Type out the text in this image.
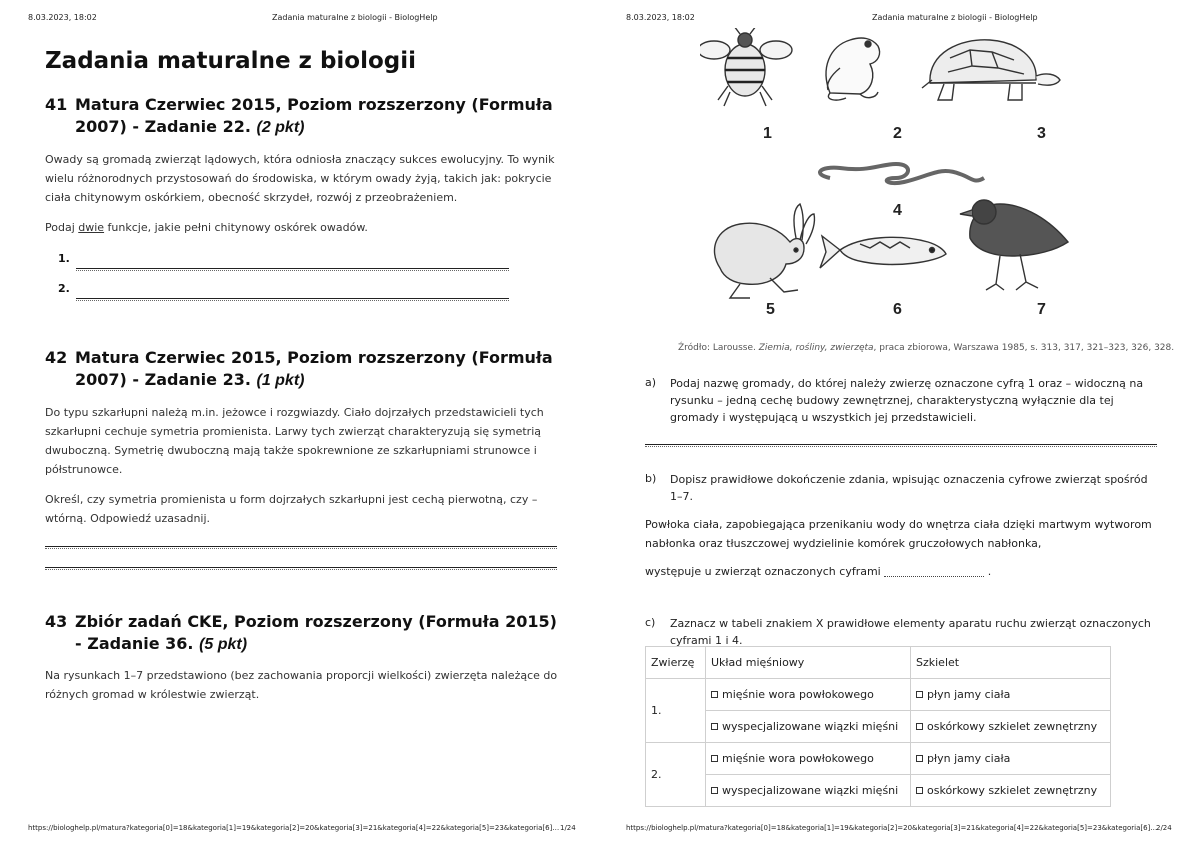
8.03.2023, 18:02	Zadania maturalne z biologii - BiologHelp
Zadania maturalne z biologii
41 Matura Czerwiec 2015, Poziom rozszerzony (Formuła
2007) - Zadanie 22. (2 pkt)
Owady są gromadą zwierząt lądowych, która odniosła znaczący sukces ewolucyjny. To wynik wielu różnorodnych przystosowań do środowiska, w którym owady żyją, takich jak: pokrycie ciała chitynowym oskórkiem, obecność skrzydeł, rozwój z przeobrażeniem.
Podaj dwie funkcje, jakie pełni chitynowy oskórek owadów.
1.
2.
42 Matura Czerwiec 2015, Poziom rozszerzony (Formuła
2007) - Zadanie 23. (1 pkt)
Do typu szkarłupni należą m.in. jeżowce i rozgwiazdy. Ciało dojrzałych przedstawicieli tych szkarłupni cechuje symetria promienista. Larwy tych zwierząt charakteryzują się symetrią dwuboczną. Symetrię dwuboczną mają także spokrewnione ze szkarłupniami strunowce i półstrunowce.
Określ, czy symetria promienista u form dojrzałych szkarłupni jest cechą pierwotną, czy – wtórną. Odpowiedź uzasadnij.
43 Zbiór zadań CKE, Poziom rozszerzony (Formuła 2015)
- Zadanie 36. (5 pkt)
Na rysunkach 1–7 przedstawiono (bez zachowania proporcji wielkości) zwierzęta należące do różnych gromad w królestwie zwierząt.
https://biologhelp.pl/matura?kategoria[0]=18&kategoria[1]=19&kategoria[2]=20&kategoria[3]=21&kategoria[4]=22&kategoria[5]=23&kategoria[6]… 1/24
8.03.2023, 18:02	Zadania maturalne z biologii - BiologHelp
1	2	3
4
5	6	7
Źródło: Larousse. Ziemia, rośliny, zwierzęta, praca zbiorowa, Warszawa 1985, s. 313, 317, 321–323, 326, 328.
a) Podaj nazwę gromady, do której należy zwierzę oznaczone cyfrą 1 oraz – widoczną na rysunku – jedną cechę budowy zewnętrznej, charakterystyczną wyłącznie dla tej gromady i występującą u wszystkich jej przedstawicieli.
b) Dopisz prawidłowe dokończenie zdania, wpisując oznaczenia cyfrowe zwierząt spośród 1–7.
Powłoka ciała, zapobiegająca przenikaniu wody do wnętrza ciała dzięki martwym wytworom nabłonka oraz tłuszczowej wydzielinie komórek gruczołowych nabłonka,
występuje u zwierząt oznaczonych cyframi	.
c) Zaznacz w tabeli znakiem X prawidłowe elementy aparatu ruchu zwierząt oznaczonych cyframi 1 i 4.
Zwierzę	Układ mięśniowy	Szkielet
1.	mięśnie wora powłokowego	płyn jamy ciała
	wyspecjalizowane wiązki mięśni	oskórkowy szkielet zewnętrzny
2.	mięśnie wora powłokowego	płyn jamy ciała
	wyspecjalizowane wiązki mięśni	oskórkowy szkielet zewnętrzny
https://biologhelp.pl/matura?kategoria[0]=18&kategoria[1]=19&kategoria[2]=20&kategoria[3]=21&kategoria[4]=22&kategoria[5]=23&kategoria[6]…
2/24
